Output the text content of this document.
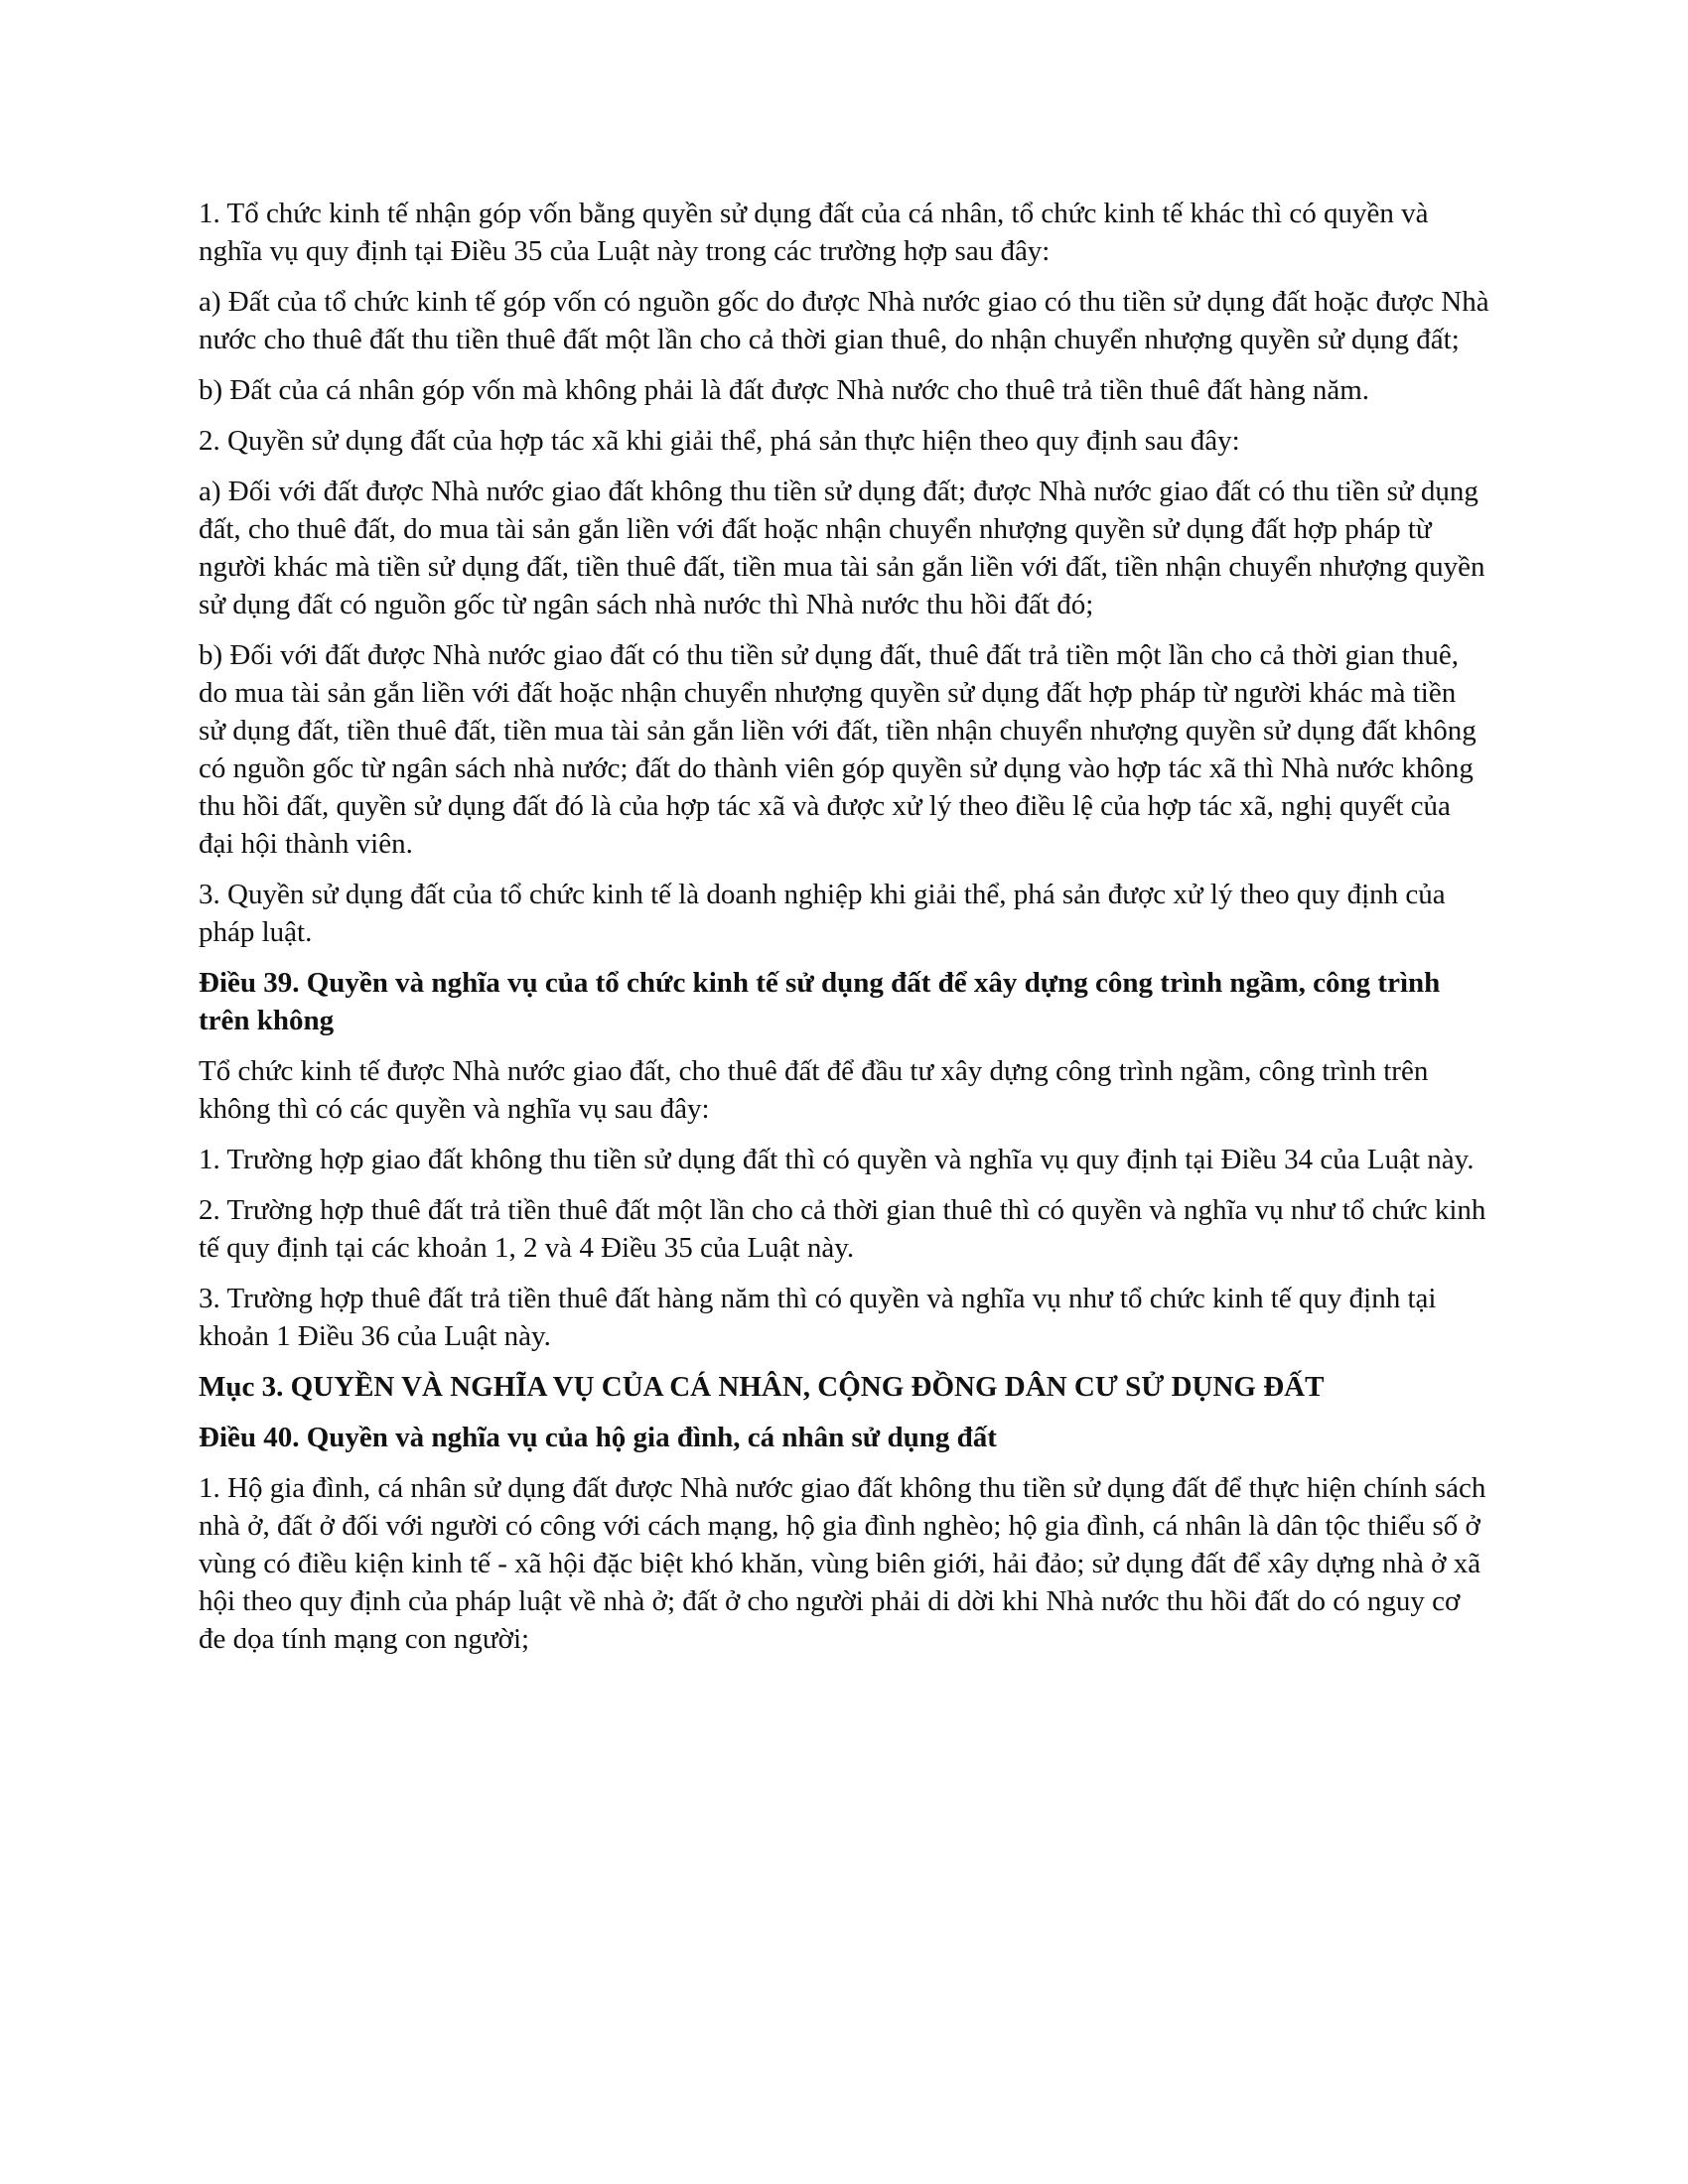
1. Tổ chức kinh tế nhận góp vốn bằng quyền sử dụng đất của cá nhân, tổ chức kinh tế khác thì có quyền và nghĩa vụ quy định tại Điều 35 của Luật này trong các trường hợp sau đây:

a) Đất của tổ chức kinh tế góp vốn có nguồn gốc do được Nhà nước giao có thu tiền sử dụng đất hoặc được Nhà nước cho thuê đất thu tiền thuê đất một lần cho cả thời gian thuê, do nhận chuyển nhượng quyền sử dụng đất;

b) Đất của cá nhân góp vốn mà không phải là đất được Nhà nước cho thuê trả tiền thuê đất hàng năm.

2. Quyền sử dụng đất của hợp tác xã khi giải thể, phá sản thực hiện theo quy định sau đây:

a) Đối với đất được Nhà nước giao đất không thu tiền sử dụng đất; được Nhà nước giao đất có thu tiền sử dụng đất, cho thuê đất, do mua tài sản gắn liền với đất hoặc nhận chuyển nhượng quyền sử dụng đất hợp pháp từ người khác mà tiền sử dụng đất, tiền thuê đất, tiền mua tài sản gắn liền với đất, tiền nhận chuyển nhượng quyền sử dụng đất có nguồn gốc từ ngân sách nhà nước thì Nhà nước thu hồi đất đó;

b) Đối với đất được Nhà nước giao đất có thu tiền sử dụng đất, thuê đất trả tiền một lần cho cả thời gian thuê, do mua tài sản gắn liền với đất hoặc nhận chuyển nhượng quyền sử dụng đất hợp pháp từ người khác mà tiền sử dụng đất, tiền thuê đất, tiền mua tài sản gắn liền với đất, tiền nhận chuyển nhượng quyền sử dụng đất không có nguồn gốc từ ngân sách nhà nước; đất do thành viên góp quyền sử dụng vào hợp tác xã thì Nhà nước không thu hồi đất, quyền sử dụng đất đó là của hợp tác xã và được xử lý theo điều lệ của hợp tác xã, nghị quyết của đại hội thành viên.

3. Quyền sử dụng đất của tổ chức kinh tế là doanh nghiệp khi giải thể, phá sản được xử lý theo quy định của pháp luật.

Điều 39. Quyền và nghĩa vụ của tổ chức kinh tế sử dụng đất để xây dựng công trình ngầm, công trình trên không

Tổ chức kinh tế được Nhà nước giao đất, cho thuê đất để đầu tư xây dựng công trình ngầm, công trình trên không thì có các quyền và nghĩa vụ sau đây:

1. Trường hợp giao đất không thu tiền sử dụng đất thì có quyền và nghĩa vụ quy định tại Điều 34 của Luật này.

2. Trường hợp thuê đất trả tiền thuê đất một lần cho cả thời gian thuê thì có quyền và nghĩa vụ như tổ chức kinh tế quy định tại các khoản 1, 2 và 4 Điều 35 của Luật này.

3. Trường hợp thuê đất trả tiền thuê đất hàng năm thì có quyền và nghĩa vụ như tổ chức kinh tế quy định tại khoản 1 Điều 36 của Luật này.

Mục 3. QUYỀN VÀ NGHĨA VỤ CỦA CÁ NHÂN, CỘNG ĐỒNG DÂN CƯ SỬ DỤNG ĐẤT

Điều 40. Quyền và nghĩa vụ của hộ gia đình, cá nhân sử dụng đất

1. Hộ gia đình, cá nhân sử dụng đất được Nhà nước giao đất không thu tiền sử dụng đất để thực hiện chính sách nhà ở, đất ở đối với người có công với cách mạng, hộ gia đình nghèo; hộ gia đình, cá nhân là dân tộc thiểu số ở vùng có điều kiện kinh tế - xã hội đặc biệt khó khăn, vùng biên giới, hải đảo; sử dụng đất để xây dựng nhà ở xã hội theo quy định của pháp luật về nhà ở; đất ở cho người phải di dời khi Nhà nước thu hồi đất do có nguy cơ đe dọa tính mạng con người;
